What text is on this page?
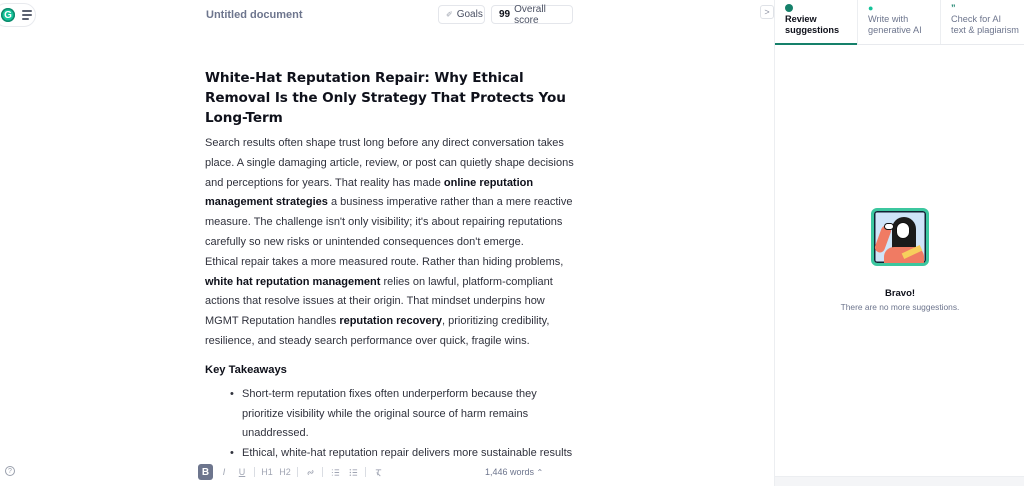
G	Untitled document	✐ Goals 99 Overall score
White-Hat Reputation Repair: Why Ethical Removal Is the Only Strategy That Protects You Long-Term

Search results often shape trust long before any direct conversation takes place. A single damaging article, review, or post can quietly shape decisions and perceptions for years. That reality has made online reputation management strategies a business imperative rather than a mere reactive measure. The challenge isn't only visibility; it's about repairing reputations carefully so new risks or unintended consequences don't emerge.

Ethical repair takes a more measured route. Rather than hiding problems, white hat reputation management relies on lawful, platform-compliant actions that resolve issues at their origin. That mindset underpins how MGMT Reputation handles reputation recovery, prioritizing credibility, resilience, and steady search performance over quick, fragile wins.

Key Takeaways
• Short-term reputation fixes often underperform because they prioritize visibility while the original source of harm remains unaddressed.
• Ethical, white-hat reputation repair delivers more sustainable results
B	I	U	H1 H2	1,446 words ⌃
?
>
Review
suggestions
●
Write with
generative AI
”
Check for AI
text & plagiarism
Bravo!
There are no more suggestions.
